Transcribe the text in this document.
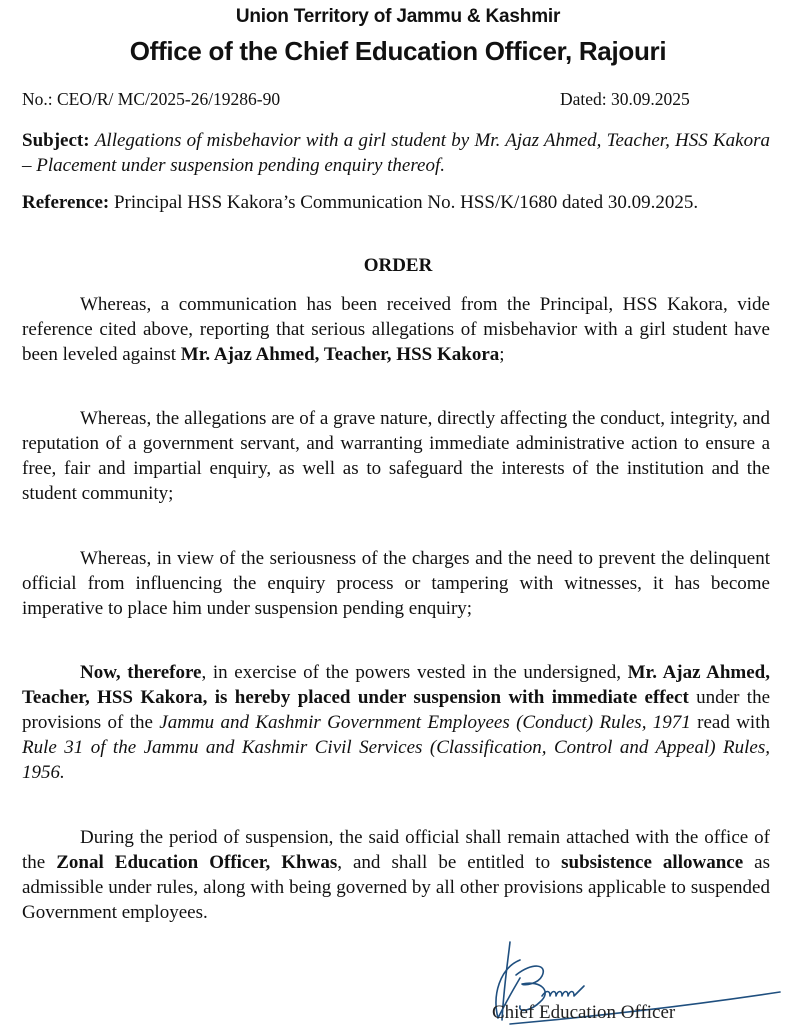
Union Territory of Jammu & Kashmir
Office of the Chief Education Officer, Rajouri
No.: CEO/R/ MC/2025-26/19286-90	Dated: 30.09.2025
Subject: Allegations of misbehavior with a girl student by Mr. Ajaz Ahmed, Teacher, HSS Kakora – Placement under suspension pending enquiry thereof.
Reference: Principal HSS Kakora’s Communication No. HSS/K/1680 dated 30.09.2025.
ORDER
Whereas, a communication has been received from the Principal, HSS Kakora, vide reference cited above, reporting that serious allegations of misbehavior with a girl student have been leveled against Mr. Ajaz Ahmed, Teacher, HSS Kakora;
Whereas, the allegations are of a grave nature, directly affecting the conduct, integrity, and reputation of a government servant, and warranting immediate administrative action to ensure a free, fair and impartial enquiry, as well as to safeguard the interests of the institution and the student community;
Whereas, in view of the seriousness of the charges and the need to prevent the delinquent official from influencing the enquiry process or tampering with witnesses, it has become imperative to place him under suspension pending enquiry;
Now, therefore, in exercise of the powers vested in the undersigned, Mr. Ajaz Ahmed, Teacher, HSS Kakora, is hereby placed under suspension with immediate effect under the provisions of the Jammu and Kashmir Government Employees (Conduct) Rules, 1971 read with Rule 31 of the Jammu and Kashmir Civil Services (Classification, Control and Appeal) Rules, 1956.
During the period of suspension, the said official shall remain attached with the office of the Zonal Education Officer, Khwas, and shall be entitled to subsistence allowance as admissible under rules, along with being governed by all other provisions applicable to suspended Government employees.
Chief Education Officer
